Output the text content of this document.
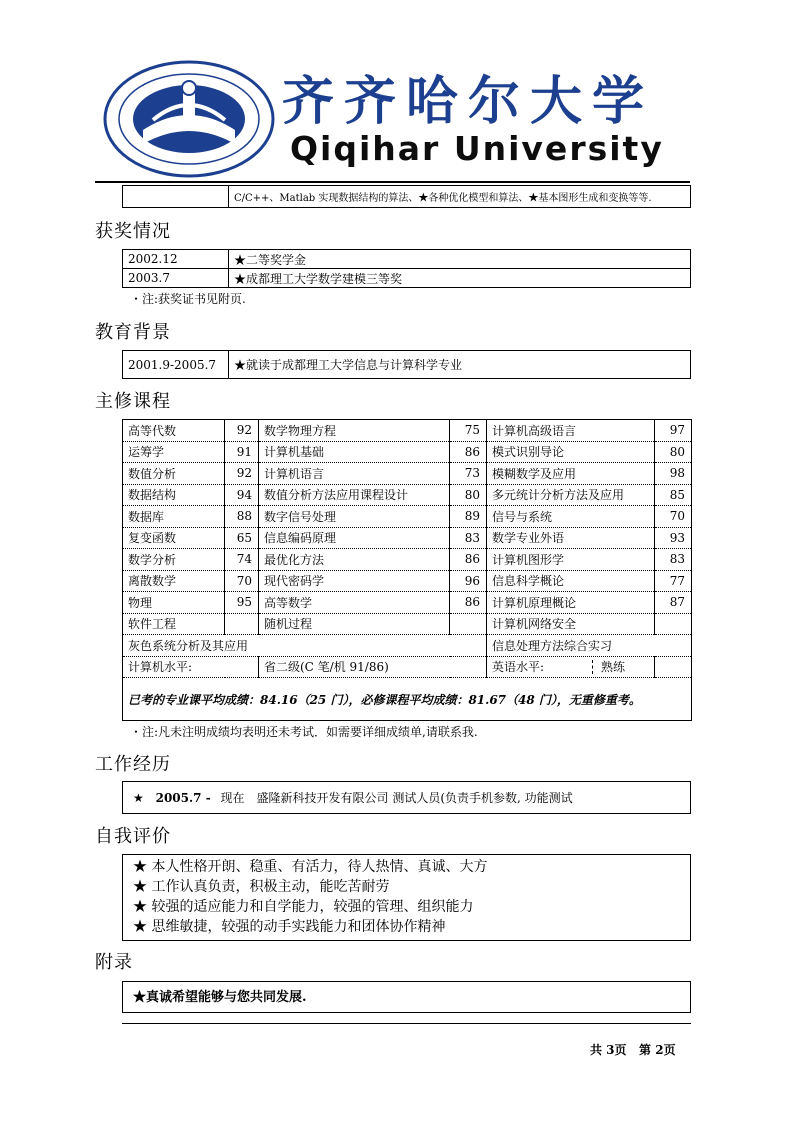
齐齐哈尔大学
Qiqihar University
	C/C++、Matlab 实现数据结构的算法、★各种优化模型和算法、★基本图形生成和变换等等.
获奖情况
2002.12	★二等奖学金
2003.7	★成都理工大学数学建模三等奖
・注:获奖证书见附页.
教育背景
2001.9-2005.7	★就读于成都理工大学信息与计算科学专业
主修课程
高等代数	92	数学物理方程	75	计算机高级语言	97
运筹学	91	计算机基础	86	模式识别导论	80
数值分析	92	计算机语言	73	模糊数学及应用	98
数据结构	94	数值分析方法应用课程设计	80	多元统计分析方法及应用	85
数据库	88	数字信号处理	89	信号与系统	70
复变函数	65	信息编码原理	83	数学专业外语	93
数学分析	74	最优化方法	86	计算机图形学	83
离散数学	70	现代密码学	96	信息科学概论	77
物理	95	高等数学	86	计算机原理概论	87
软件工程		随机过程		计算机网络安全	
灰色系统分析及其应用				信息处理方法综合实习	
计算机水平:		省二级(C 笔/机 91/86)		英语水平: 熟练	
已考的专业课平均成绩：84.16（25 门），必修课程平均成绩：81.67（48 门），无重修重考。					
・注:凡未注明成绩均表明还未考试．如需要详细成绩单,请联系我.
工作经历
★ 2005.7 - 现在　盛隆新科技开发有限公司 测试人员(负责手机参数, 功能测试
自我评价
★ 本人性格开朗、稳重、有活力，待人热情、真诚、大方
★ 工作认真负责，积极主动，能吃苦耐劳
★ 较强的适应能力和自学能力，较强的管理、组织能力
★ 思维敏捷，较强的动手实践能力和团体协作精神
附录
★真诚希望能够与您共同发展.
共 3页   第 2页
